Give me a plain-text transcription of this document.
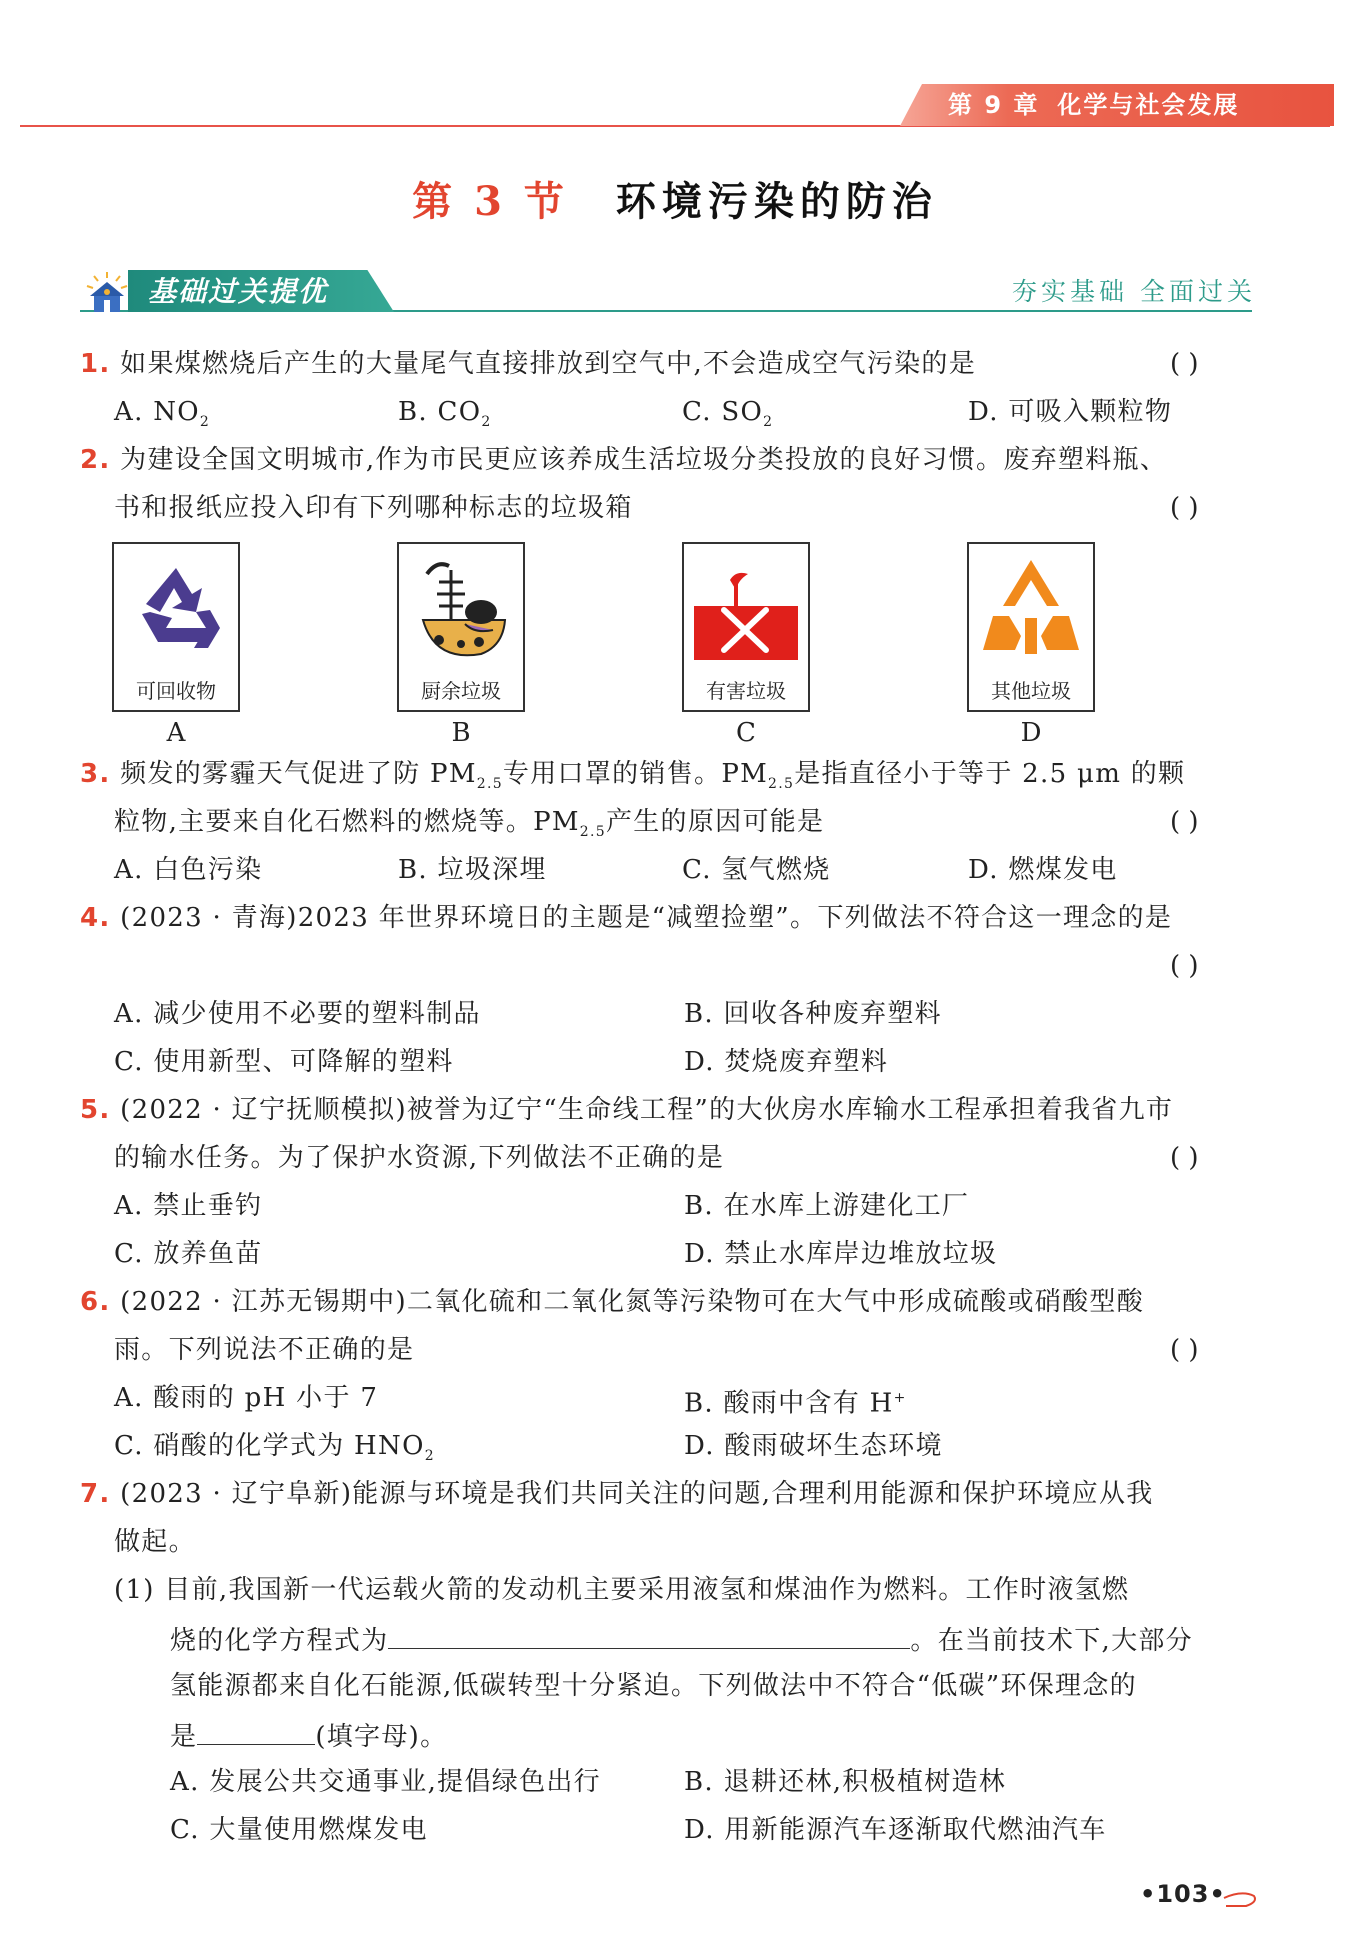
第 9 章 化学与社会发展
第 3 节 环境污染的防治
基础过关提优	夯实基础 全面过关
1. 如果煤燃烧后产生的大量尾气直接排放到空气中,不会造成空气污染的是	( )
A. $NO_2$	B. $CO_2$	C. $SO_2$	D. 可吸入颗粒物
2. 为建设全国文明城市,作为市民更应该养成生活垃圾分类投放的良好习惯。废弃塑料瓶、
书和报纸应投入印有下列哪种标志的垃圾箱	( )
可回收物	厨余垃圾	有害垃圾	其他垃圾
A	B	C	D
3. 频发的雾霾天气促进了防 $PM_{2.5}$专用口罩的销售。$PM_{2.5}$是指直径小于等于 2.5 μm 的颗
粒物,主要来自化石燃料的燃烧等。$PM_{2.5}$产生的原因可能是	( )
A. 白色污染	B. 垃圾深埋	C. 氢气燃烧	D. 燃煤发电
4. (2023 · 青海)2023 年世界环境日的主题是“减塑捡塑”。下列做法不符合这一理念的是
( )
A. 减少使用不必要的塑料制品	B. 回收各种废弃塑料
C. 使用新型、可降解的塑料	D. 焚烧废弃塑料
5. (2022 · 辽宁抚顺模拟)被誉为辽宁“生命线工程”的大伙房水库输水工程承担着我省九市
的输水任务。为了保护水资源,下列做法不正确的是	( )
A. 禁止垂钓	B. 在水库上游建化工厂
C. 放养鱼苗	D. 禁止水库岸边堆放垃圾
6. (2022 · 江苏无锡期中)二氧化硫和二氧化氮等污染物可在大气中形成硫酸或硝酸型酸
雨。下列说法不正确的是	( )
A. 酸雨的 pH 小于 7	B. 酸雨中含有 H+
C. 硝酸的化学式为 $HNO_2$	D. 酸雨破坏生态环境
7. (2023 · 辽宁阜新)能源与环境是我们共同关注的问题,合理利用能源和保护环境应从我
做起。
(1) 目前,我国新一代运载火箭的发动机主要采用液氢和煤油作为燃料。工作时液氢燃
烧的化学方程式为	。在当前技术下,大部分
氢能源都来自化石能源,低碳转型十分紧迫。下列做法中不符合“低碳”环保理念的
是	(填字母)。
A. 发展公共交通事业,提倡绿色出行	B. 退耕还林,积极植树造林
C. 大量使用燃煤发电	D. 用新能源汽车逐渐取代燃油汽车
•103•
